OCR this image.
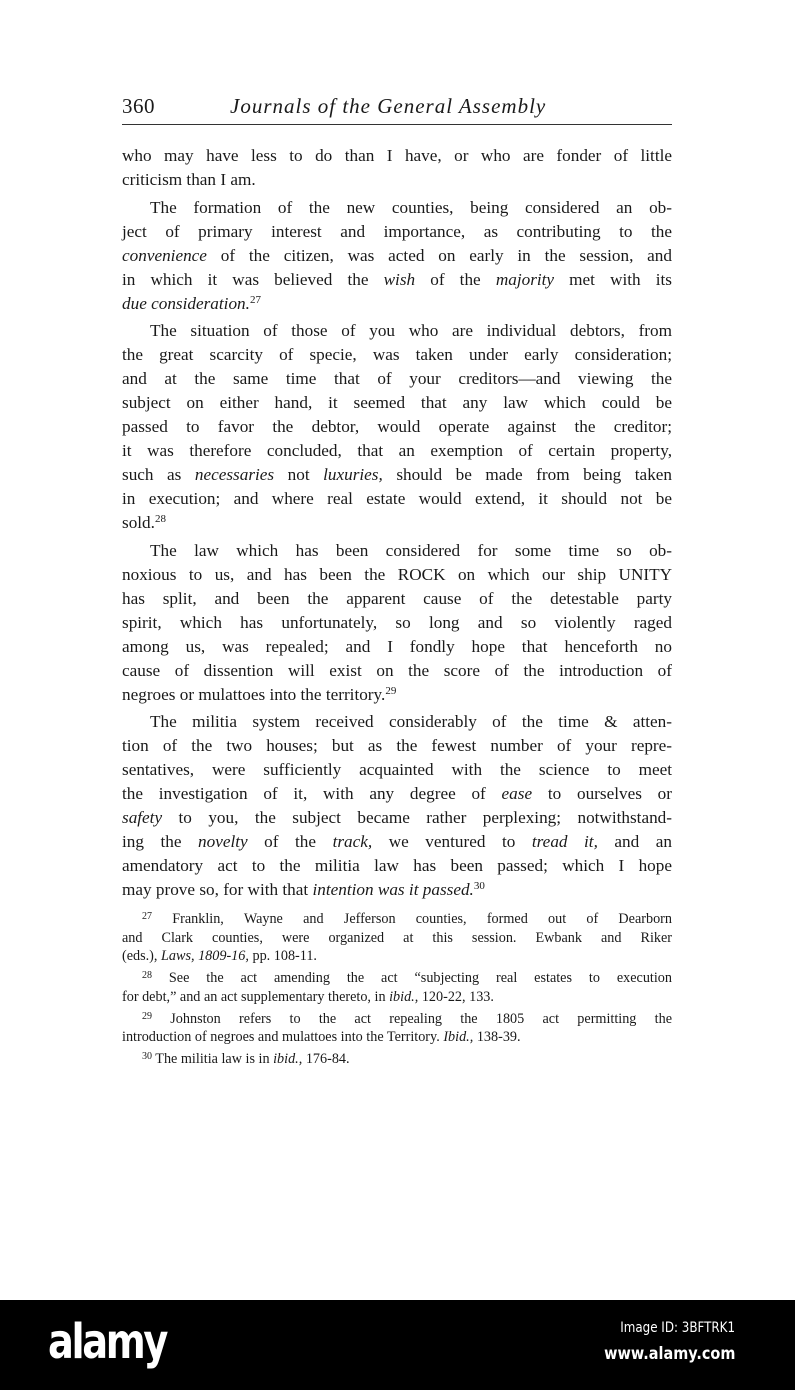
360	Journals of the General Assembly
who may have less to do than I have, or who are fonder of little
criticism than I am.
The formation of the new counties, being considered an ob-
ject of primary interest and importance, as contributing to the
convenience of the citizen, was acted on early in the session, and
in which it was believed the wish of the majority met with its
due consideration.$^{27}$
The situation of those of you who are individual debtors, from
the great scarcity of specie, was taken under early consideration;
and at the same time that of your creditors—and viewing the
subject on either hand, it seemed that any law which could be
passed to favor the debtor, would operate against the creditor;
it was therefore concluded, that an exemption of certain property,
such as necessaries not luxuries, should be made from being taken
in execution; and where real estate would extend, it should not be
sold.$^{28}$
The law which has been considered for some time so ob-
noxious to us, and has been the ROCK on which our ship UNITY
has split, and been the apparent cause of the detestable party
spirit, which has unfortunately, so long and so violently raged
among us, was repealed; and I fondly hope that henceforth no
cause of dissention will exist on the score of the introduction of
negroes or mulattoes into the territory.$^{29}$
The militia system received considerably of the time & atten-
tion of the two houses; but as the fewest number of your repre-
sentatives, were sufficiently acquainted with the science to meet
the investigation of it, with any degree of ease to ourselves or
safety to you, the subject became rather perplexing; notwithstand-
ing the novelty of the track, we ventured to tread it, and an
amendatory act to the militia law has been passed; which I hope
may prove so, for with that intention was it passed.$^{30}$
$^{27}$ Franklin, Wayne and Jefferson counties, formed out of Dearborn
and Clark counties, were organized at this session. Ewbank and Riker
(eds.), Laws, 1809-16, pp. 108-11.
$^{28}$ See the act amending the act “subjecting real estates to execution
for debt,” and an act supplementary thereto, in ibid., 120-22, 133.
$^{29}$ Johnston refers to the act repealing the 1805 act permitting the
introduction of negroes and mulattoes into the Territory. Ibid., 138-39.
$^{30}$ The militia law is in ibid., 176-84.
alamy	Image ID: 3BFTRK1
www.alamy.com
